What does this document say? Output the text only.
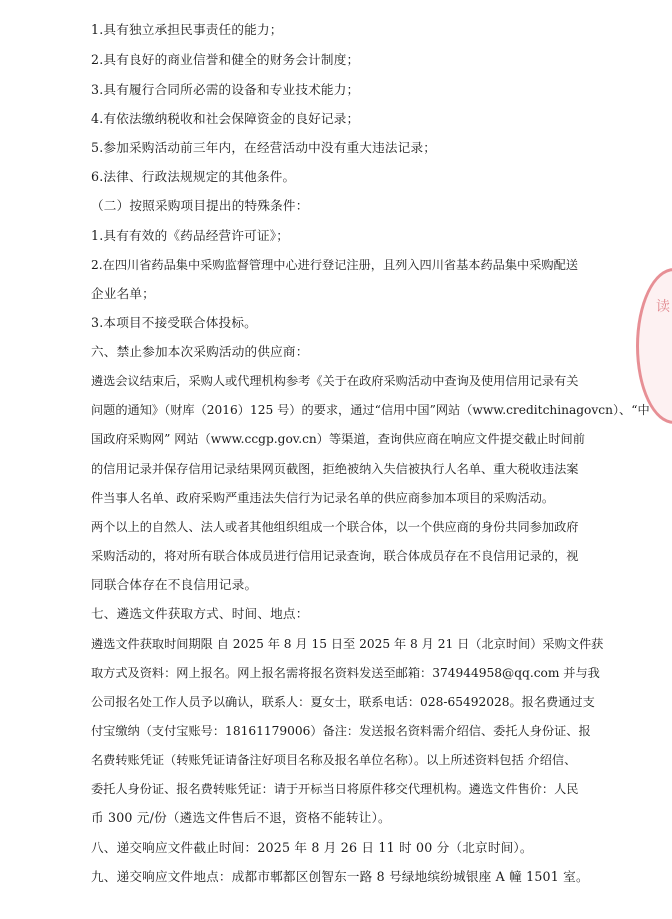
1.具有独立承担民事责任的能力；
2.具有良好的商业信誉和健全的财务会计制度；
3.具有履行合同所必需的设备和专业技术能力；
4.有依法缴纳税收和社会保障资金的良好记录；
5.参加采购活动前三年内，在经营活动中没有重大违法记录；
6.法律、行政法规规定的其他条件。
（二）按照采购项目提出的特殊条件：
1.具有有效的《药品经营许可证》；
2.在四川省药品集中采购监督管理中心进行登记注册，且列入四川省基本药品集中采购配送
企业名单；
3.本项目不接受联合体投标。
六、禁止参加本次采购活动的供应商：
遴选会议结束后，采购人或代理机构参考《关于在政府采购活动中查询及使用信用记录有关
问题的通知》（财库（2016）125 号）的要求，通过“信用中国”网站（www.creditchinagovcn）、“中
国政府采购网” 网站（www.ccgp.gov.cn）等渠道，查询供应商在响应文件提交截止时间前
的信用记录并保存信用记录结果网页截图，拒绝被纳入失信被执行人名单、重大税收违法案
件当事人名单、政府采购严重违法失信行为记录名单的供应商参加本项目的采购活动。
两个以上的自然人、法人或者其他组织组成一个联合体，以一个供应商的身份共同参加政府
采购活动的，将对所有联合体成员进行信用记录查询，联合体成员存在不良信用记录的，视
同联合体存在不良信用记录。
七、遴选文件获取方式、时间、地点：
遴选文件获取时间期限 自 2025 年 8 月 15 日至 2025 年 8 月 21 日（北京时间）采购文件获
取方式及资料：网上报名。网上报名需将报名资料发送至邮箱：374944958@qq.com 并与我
公司报名处工作人员予以确认，联系人：夏女士，联系电话：028-65492028。报名费通过支
付宝缴纳（支付宝账号：18161179006）备注：发送报名资料需介绍信、委托人身份证、报
名费转账凭证（转账凭证请备注好项目名称及报名单位名称）。以上所述资料包括 介绍信、
委托人身份证、报名费转账凭证：请于开标当日将原件移交代理机构。遴选文件售价：人民
币 300 元/份（遴选文件售后不退，资格不能转让）。
八、递交响应文件截止时间：2025 年 8 月 26 日 11 时 00 分（北京时间）。
九、递交响应文件地点：成都市郫都区创智东一路 8 号绿地缤纷城银座 A 幢 1501 室。
读
